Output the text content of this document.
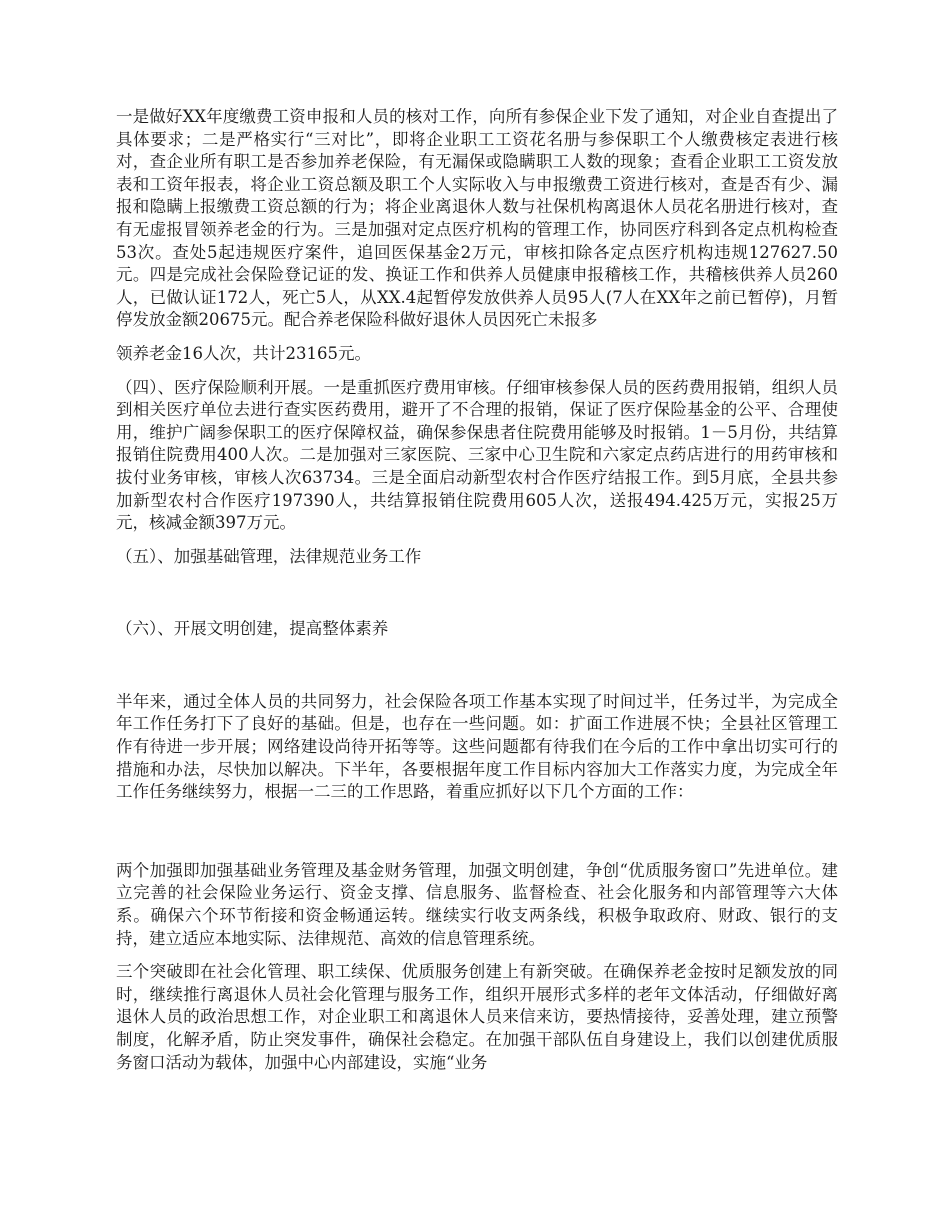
一是做好XX年度缴费工资申报和人员的核对工作，向所有参保企业下发了通知，对企业自查提出了具体要求；二是严格实行“三对比”，即将企业职工工资花名册与参保职工个人缴费核定表进行核对，查企业所有职工是否参加养老保险，有无漏保或隐瞒职工人数的现象；查看企业职工工资发放表和工资年报表，将企业工资总额及职工个人实际收入与申报缴费工资进行核对，查是否有少、漏报和隐瞒上报缴费工资总额的行为；将企业离退休人数与社保机构离退休人员花名册进行核对，查有无虚报冒领养老金的行为。三是加强对定点医疗机构的管理工作，协同医疗科到各定点机构检查53次。查处5起违规医疗案件，追回医保基金2万元，审核扣除各定点医疗机构违规127627.50元。四是完成社会保险登记证的发、换证工作和供养人员健康申报稽核工作，共稽核供养人员260人，已做认证172人，死亡5人，从XX.4起暂停发放供养人员95人(7人在XX年之前已暂停)，月暂停发放金额20675元。配合养老保险科做好退休人员因死亡未报多

领养老金16人次，共计23165元。

（四）、医疗保险顺利开展。一是重抓医疗费用审核。仔细审核参保人员的医药费用报销，组织人员到相关医疗单位去进行查实医药费用，避开了不合理的报销，保证了医疗保险基金的公平、合理使用，维护广阔参保职工的医疗保障权益，确保参保患者住院费用能够及时报销。1－5月份，共结算报销住院费用400人次。二是加强对三家医院、三家中心卫生院和六家定点药店进行的用药审核和拔付业务审核，审核人次63734。三是全面启动新型农村合作医疗结报工作。到5月底，全县共参加新型农村合作医疗197390人，共结算报销住院费用605人次，送报494.425万元，实报25万元，核减金额397万元。

（五）、加强基础管理，法律规范业务工作

（六）、开展文明创建，提高整体素养

半年来，通过全体人员的共同努力，社会保险各项工作基本实现了时间过半，任务过半，为完成全年工作任务打下了良好的基础。但是，也存在一些问题。如：扩面工作进展不快；全县社区管理工作有待进一步开展；网络建设尚待开拓等等。这些问题都有待我们在今后的工作中拿出切实可行的措施和办法，尽快加以解决。下半年，各要根据年度工作目标内容加大工作落实力度，为完成全年工作任务继续努力，根据一二三的工作思路，着重应抓好以下几个方面的工作：

两个加强即加强基础业务管理及基金财务管理，加强文明创建，争创“优质服务窗口”先进单位。建立完善的社会保险业务运行、资金支撑、信息服务、监督检查、社会化服务和内部管理等六大体系。确保六个环节衔接和资金畅通运转。继续实行收支两条线，积极争取政府、财政、银行的支持，建立适应本地实际、法律规范、高效的信息管理系统。

三个突破即在社会化管理、职工续保、优质服务创建上有新突破。在确保养老金按时足额发放的同时，继续推行离退休人员社会化管理与服务工作，组织开展形式多样的老年文体活动，仔细做好离退休人员的政治思想工作，对企业职工和离退休人员来信来访，要热情接待，妥善处理，建立预警制度，化解矛盾，防止突发事件，确保社会稳定。在加强干部队伍自身建设上，我们以创建优质服务窗口活动为载体，加强中心内部建设，实施“业务
